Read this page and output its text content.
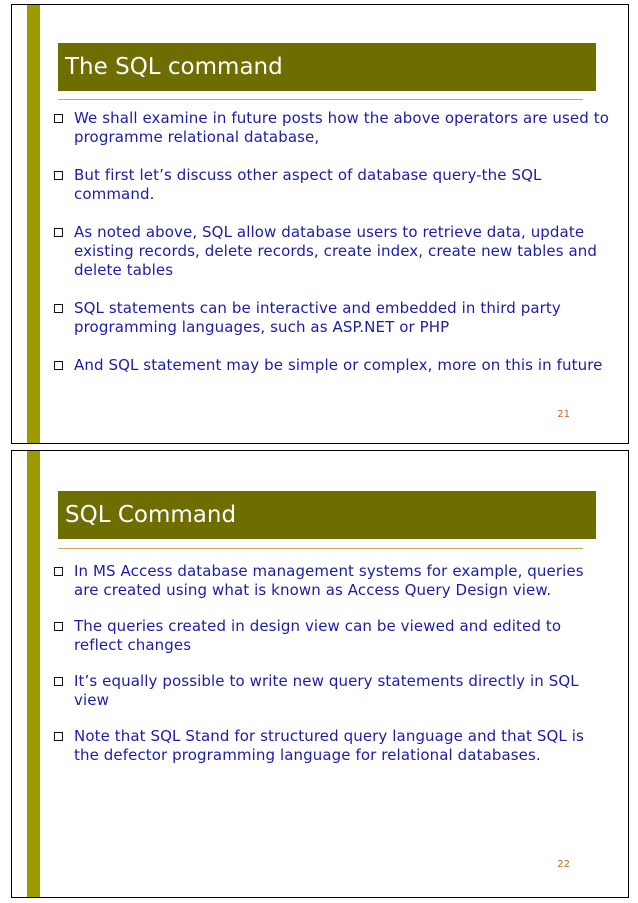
The SQL command
We shall examine in future posts how the above operators are used to programme relational database,
But first let’s discuss other aspect of database query-the SQL command.
As noted above, SQL allow database users to retrieve data, update existing records, delete records, create index, create new tables and delete tables
SQL statements can be interactive and embedded in third party programming languages, such as ASP.NET or PHP
And SQL statement may be simple or complex, more on this in future
21
SQL Command
In MS Access database management systems for example, queries are created using what is known as Access Query Design view.
The queries created in design view can be viewed and edited to reflect changes
It’s equally possible to write new query statements directly in SQL view
Note that SQL Stand for structured query language and that SQL is the defector programming language for relational databases.
22
